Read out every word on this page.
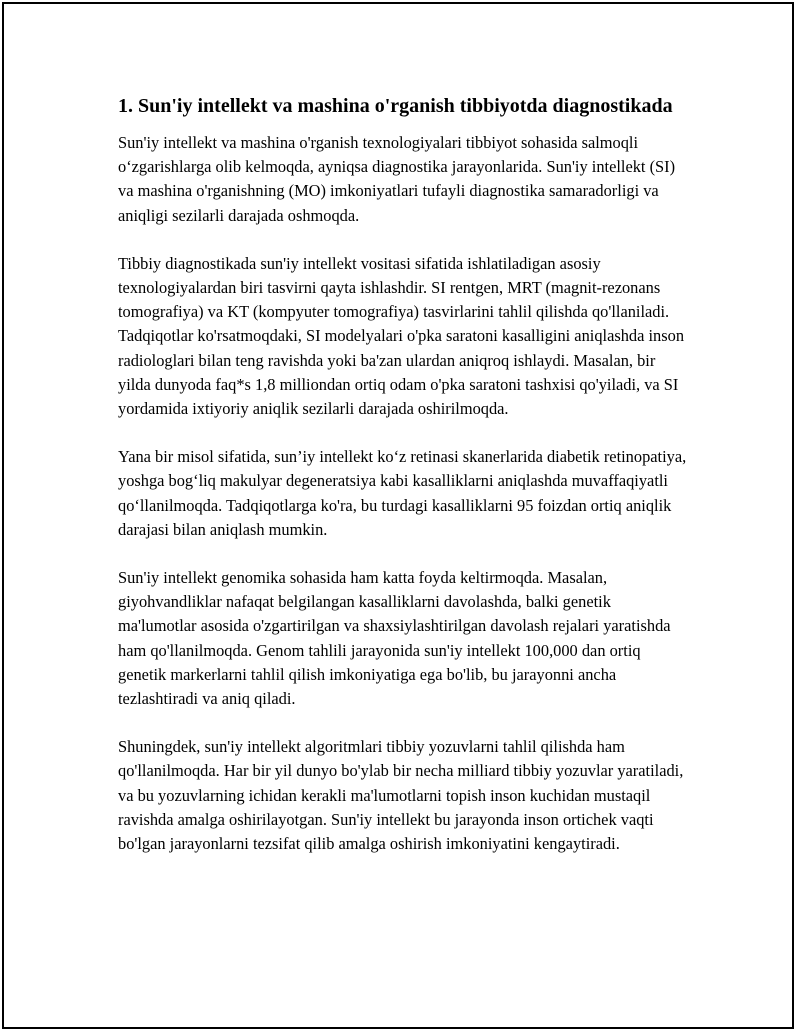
1. Sun'iy intellekt va mashina o'rganish tibbiyotda diagnostikada

Sun'iy intellekt va mashina o'rganish texnologiyalari tibbiyot sohasida salmoqli o‘zgarishlarga olib kelmoqda, ayniqsa diagnostika jarayonlarida. Sun'iy intellekt (SI) va mashina o'rganishning (MO) imkoniyatlari tufayli diagnostika samaradorligi va aniqligi sezilarli darajada oshmoqda.

Tibbiy diagnostikada sun'iy intellekt vositasi sifatida ishlatiladigan asosiy texnologiyalardan biri tasvirni qayta ishlashdir. SI rentgen, MRT (magnit-rezonans tomografiya) va KT (kompyuter tomografiya) tasvirlarini tahlil qilishda qo'llaniladi. Tadqiqotlar ko'rsatmoqdaki, SI modelyalari o'pka saratoni kasalligini aniqlashda inson radiologlari bilan teng ravishda yoki ba'zan ulardan aniqroq ishlaydi. Masalan, bir yilda dunyoda faq*s 1,8 milliondan ortiq odam o'pka saratoni tashxisi qo'yiladi, va SI yordamida ixtiyoriy aniqlik sezilarli darajada oshirilmoqda.

Yana bir misol sifatida, sun’iy intellekt ko‘z retinasi skanerlarida diabetik retinopatiya, yoshga bog‘liq makulyar degeneratsiya kabi kasalliklarni aniqlashda muvaffaqiyatli qo‘llanilmoqda. Tadqiqotlarga ko'ra, bu turdagi kasalliklarni 95 foizdan ortiq aniqlik darajasi bilan aniqlash mumkin.

Sun'iy intellekt genomika sohasida ham katta foyda keltirmoqda. Masalan, giyohvandliklar nafaqat belgilangan kasalliklarni davolashda, balki genetik ma'lumotlar asosida o'zgartirilgan va shaxsiylashtirilgan davolash rejalari yaratishda ham qo'llanilmoqda. Genom tahlili jarayonida sun'iy intellekt 100,000 dan ortiq genetik markerlarni tahlil qilish imkoniyatiga ega bo'lib, bu jarayonni ancha tezlashtiradi va aniq qiladi.

Shuningdek, sun'iy intellekt algoritmlari tibbiy yozuvlarni tahlil qilishda ham qo'llanilmoqda. Har bir yil dunyo bo'ylab bir necha milliard tibbiy yozuvlar yaratiladi, va bu yozuvlarning ichidan kerakli ma'lumotlarni topish inson kuchidan mustaqil ravishda amalga oshirilayotgan. Sun'iy intellekt bu jarayonda inson ortichek vaqti bo'lgan jarayonlarni tezsifat qilib amalga oshirish imkoniyatini kengaytiradi.
